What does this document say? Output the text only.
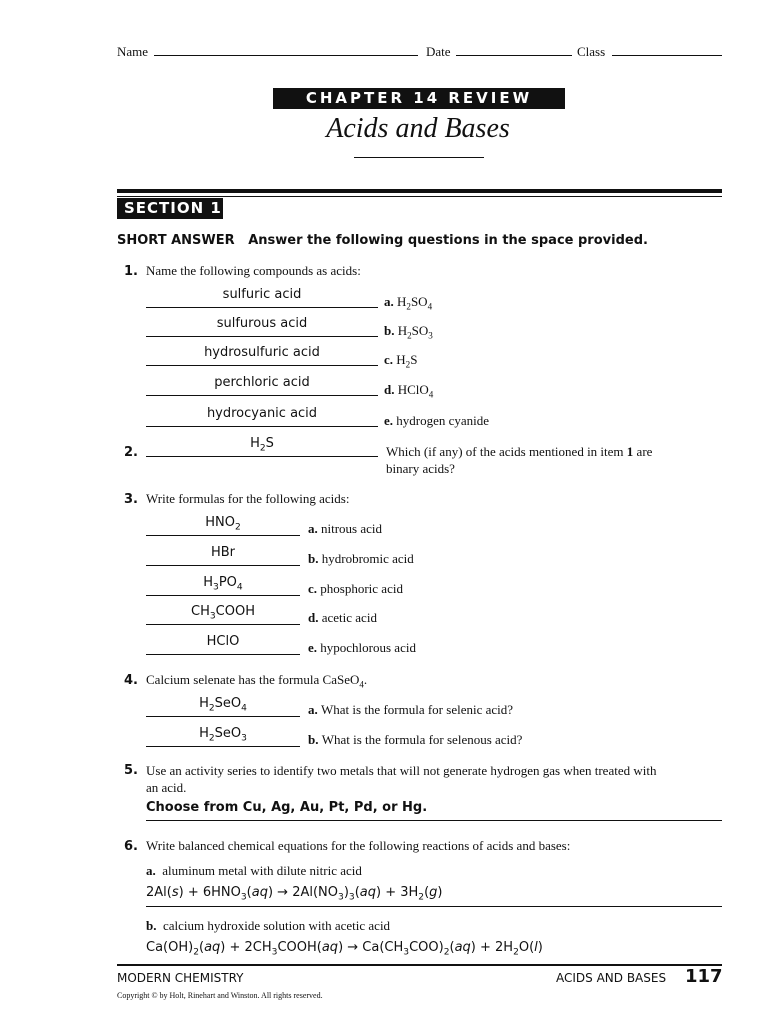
Name	Date	Class
CHAPTER 14 REVIEW
Acids and Bases
SECTION 1
SHORT ANSWER Answer the following questions in the space provided.
1. Name the following compounds as acids:
sulfuric acid	a. $H_2SO_4$
sulfurous acid	b. $H_2SO_3$
hydrosulfuric acid	c. $H_2S$
perchloric acid	d. HClO$_4$
hydrocyanic acid	e. hydrogen cyanide
2.
$H_2S$
Which (if any) of the acids mentioned in item 1 are
binary acids?
3. Write formulas for the following acids:
$HNO_2$	a. nitrous acid
HBr	b. hydrobromic acid
$H_3PO_4$	c. phosphoric acid
$CH_3COOH$	d. acetic acid
HClO	e. hypochlorous acid
4. Calcium selenate has the formula CaSeO$_4$.
$H_2SeO_4$	a. What is the formula for selenic acid?
$H_2SeO_3$	b. What is the formula for selenous acid?
5. Use an activity series to identify two metals that will not generate hydrogen gas when treated with
an acid.
Choose from Cu, Ag, Au, Pt, Pd, or Hg.
6. Write balanced chemical equations for the following reactions of acids and bases:
a. aluminum metal with dilute nitric acid
$2Al(s) + 6HNO_3(aq) \to 2Al(NO_3)_3(aq) + 3H_2(g)$
b. calcium hydroxide solution with acetic acid
$Ca(OH)_2(aq)$ + $2CH_3COOH(aq) \to Ca(CH_3COO)_2(aq) + 2H_2O(l)$
MODERN CHEMISTRY	ACIDS AND BASES 117
Copyright © by Holt, Rinehart and Winston. All rights reserved.
